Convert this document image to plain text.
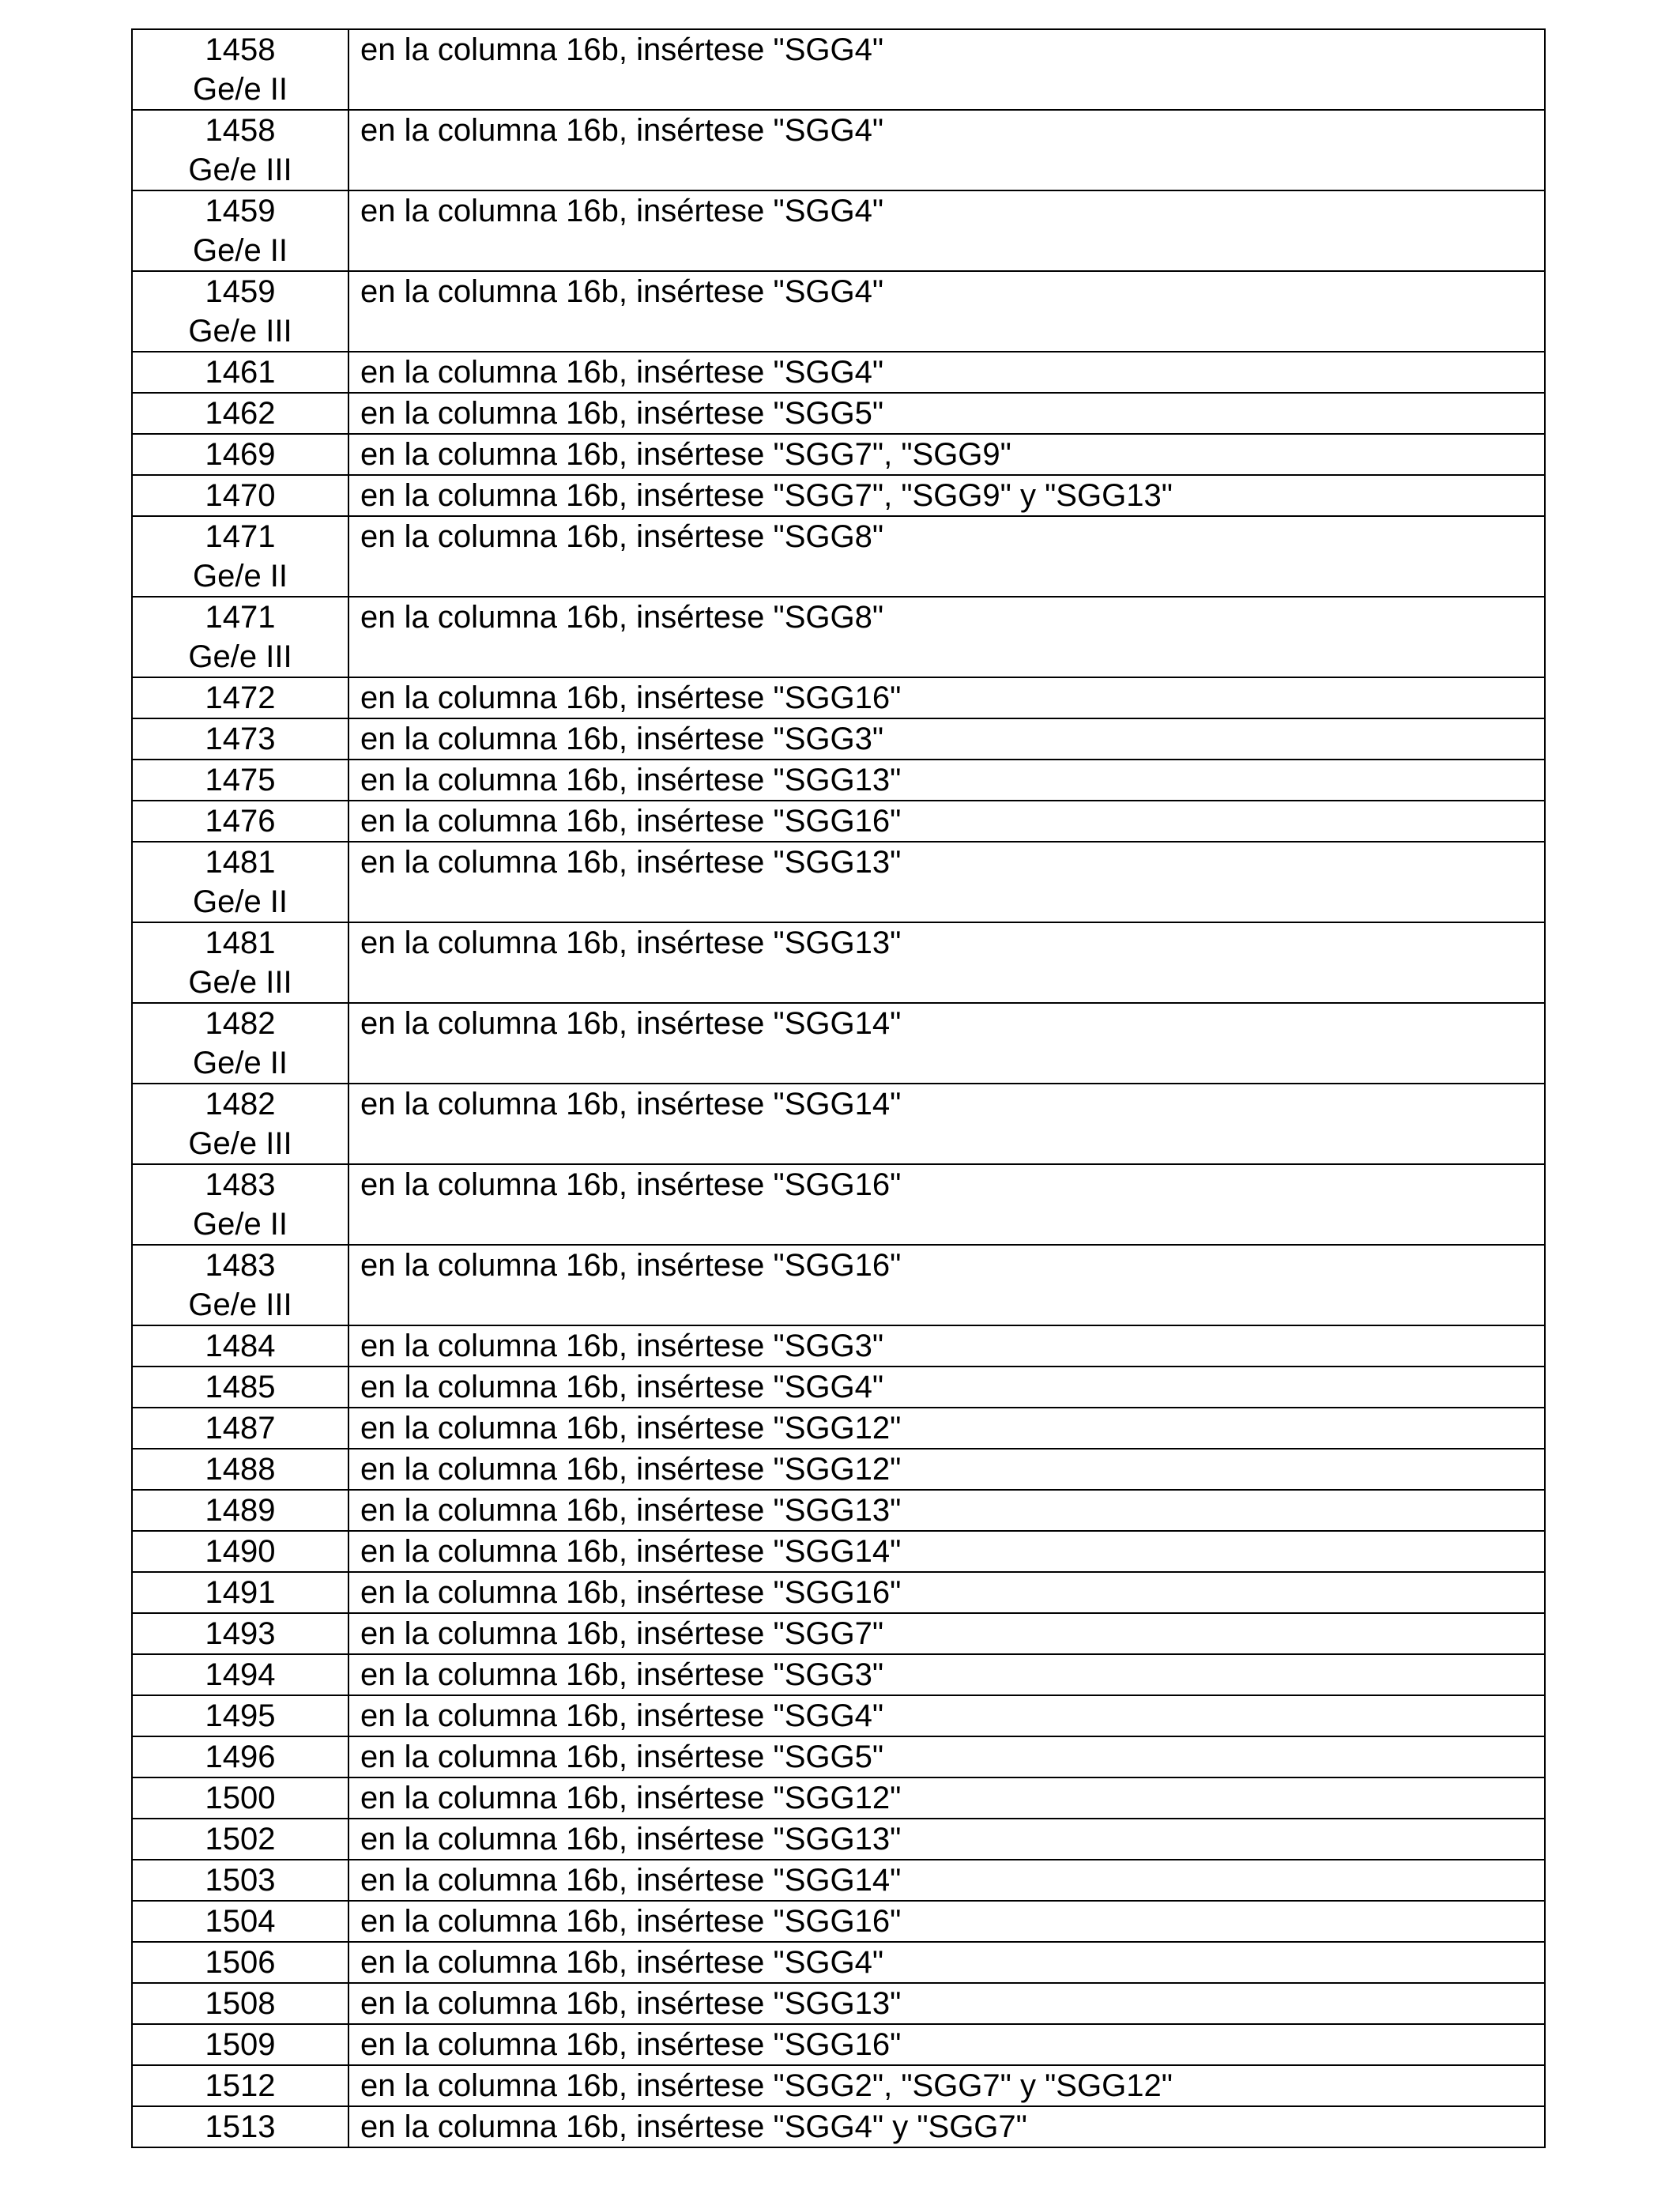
1458
Ge/e II	en la columna 16b, insértese "SGG4"

1458
Ge/e III	en la columna 16b, insértese "SGG4"

1459
Ge/e II	en la columna 16b, insértese "SGG4"

1459
Ge/e III	en la columna 16b, insértese "SGG4"

1461	en la columna 16b, insértese "SGG4"

1462	en la columna 16b, insértese "SGG5"

1469	en la columna 16b, insértese "SGG7", "SGG9"

1470	en la columna 16b, insértese "SGG7", "SGG9" y "SGG13"

1471
Ge/e II	en la columna 16b, insértese "SGG8"

1471
Ge/e III	en la columna 16b, insértese "SGG8"

1472	en la columna 16b, insértese "SGG16"

1473	en la columna 16b, insértese "SGG3"

1475	en la columna 16b, insértese "SGG13"

1476	en la columna 16b, insértese "SGG16"

1481
Ge/e II	en la columna 16b, insértese "SGG13"

1481
Ge/e III	en la columna 16b, insértese "SGG13"

1482
Ge/e II	en la columna 16b, insértese "SGG14"

1482
Ge/e III	en la columna 16b, insértese "SGG14"

1483
Ge/e II	en la columna 16b, insértese "SGG16"

1483
Ge/e III	en la columna 16b, insértese "SGG16"

1484	en la columna 16b, insértese "SGG3"

1485	en la columna 16b, insértese "SGG4"

1487	en la columna 16b, insértese "SGG12"

1488	en la columna 16b, insértese "SGG12"

1489	en la columna 16b, insértese "SGG13"

1490	en la columna 16b, insértese "SGG14"

1491	en la columna 16b, insértese "SGG16"

1493	en la columna 16b, insértese "SGG7"

1494	en la columna 16b, insértese "SGG3"

1495	en la columna 16b, insértese "SGG4"

1496	en la columna 16b, insértese "SGG5"

1500	en la columna 16b, insértese "SGG12"

1502	en la columna 16b, insértese "SGG13"

1503	en la columna 16b, insértese "SGG14"

1504	en la columna 16b, insértese "SGG16"

1506	en la columna 16b, insértese "SGG4"

1508	en la columna 16b, insértese "SGG13"

1509	en la columna 16b, insértese "SGG16"

1512	en la columna 16b, insértese "SGG2", "SGG7" y "SGG12"

1513	en la columna 16b, insértese "SGG4" y "SGG7"
